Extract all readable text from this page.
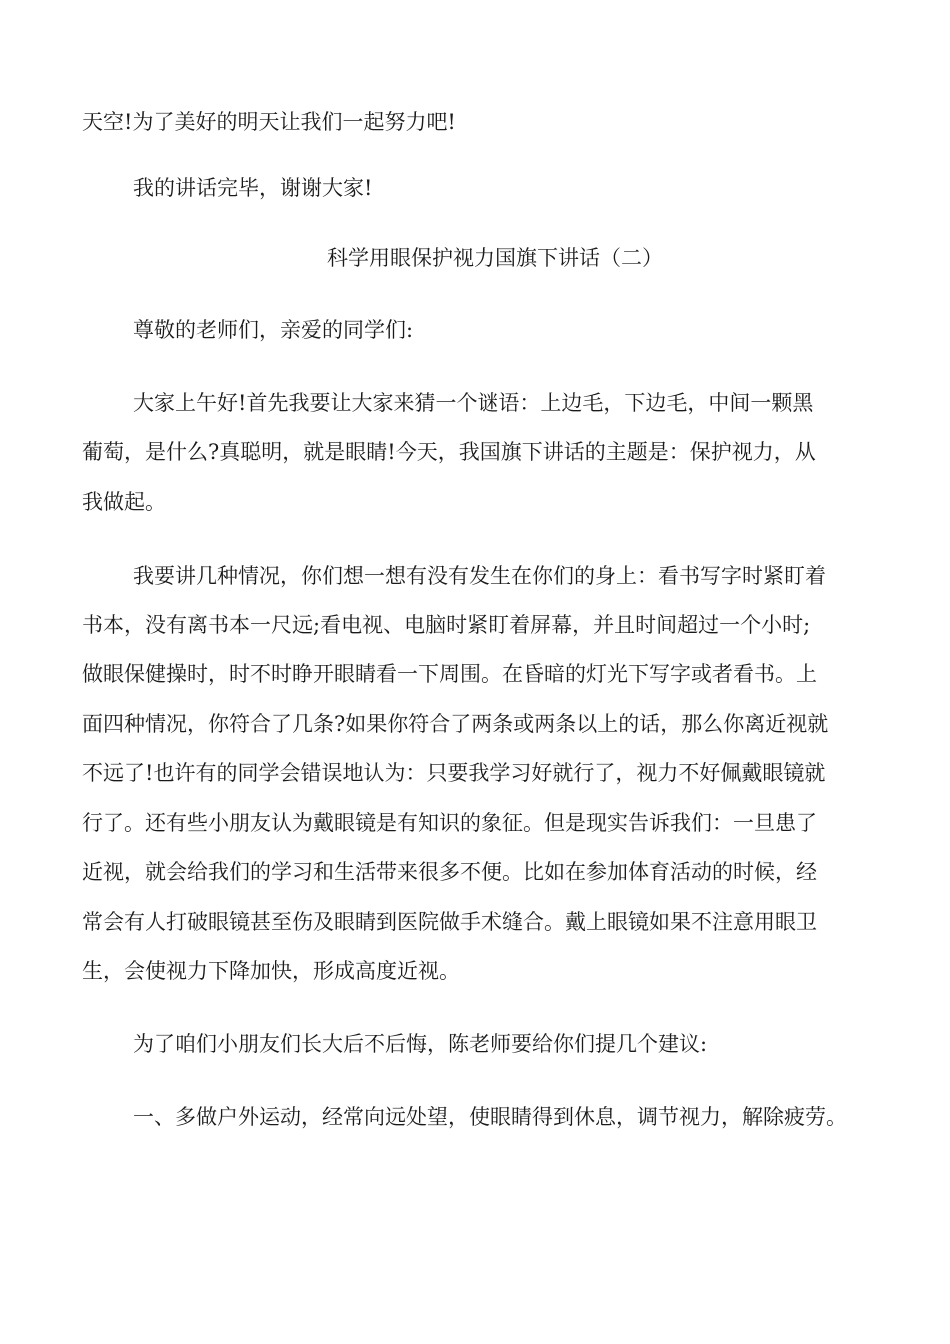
天空!为了美好的明天让我们一起努力吧!
我的讲话完毕，谢谢大家!
科学用眼保护视力国旗下讲话（二）
尊敬的老师们，亲爱的同学们:
大家上午好!首先我要让大家来猜一个谜语：上边毛，下边毛，中间一颗黑
葡萄，是什么?真聪明，就是眼睛!今天，我国旗下讲话的主题是：保护视力，从
我做起。
我要讲几种情况，你们想一想有没有发生在你们的身上：看书写字时紧盯着
书本，没有离书本一尺远;看电视、电脑时紧盯着屏幕，并且时间超过一个小时;
做眼保健操时，时不时睁开眼睛看一下周围。在昏暗的灯光下写字或者看书。上
面四种情况，你符合了几条?如果你符合了两条或两条以上的话，那么你离近视就
不远了!也许有的同学会错误地认为：只要我学习好就行了，视力不好佩戴眼镜就
行了。还有些小朋友认为戴眼镜是有知识的象征。但是现实告诉我们：一旦患了
近视，就会给我们的学习和生活带来很多不便。比如在参加体育活动的时候，经
常会有人打破眼镜甚至伤及眼睛到医院做手术缝合。戴上眼镜如果不注意用眼卫
生，会使视力下降加快，形成高度近视。
为了咱们小朋友们长大后不后悔，陈老师要给你们提几个建议:
一、多做户外运动，经常向远处望，使眼睛得到休息，调节视力，解除疲劳。
